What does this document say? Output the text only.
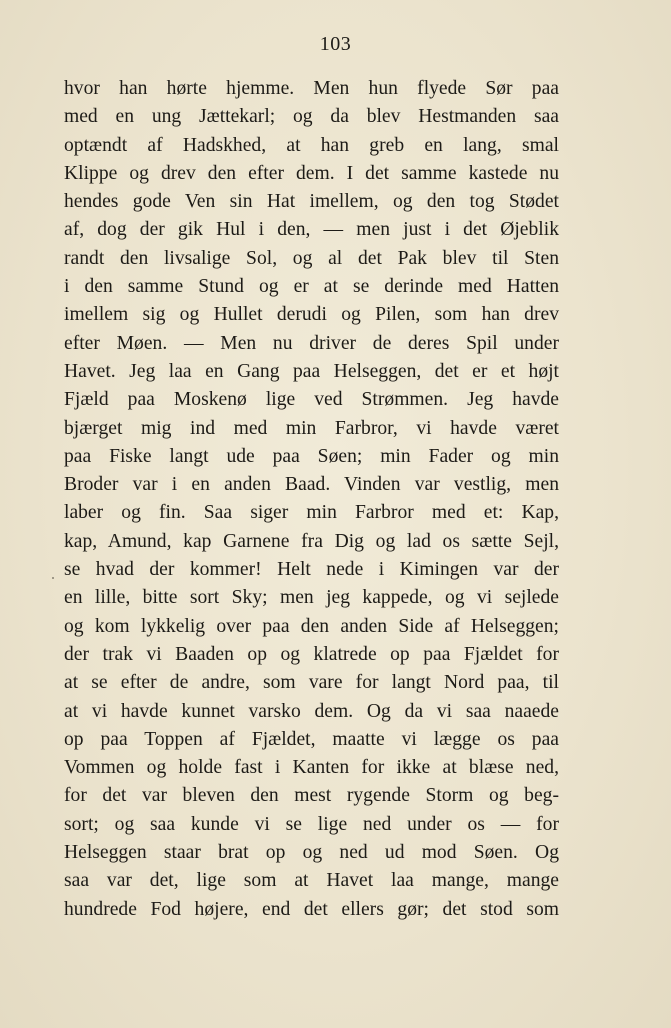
103
hvor han hørte hjemme. Men hun flyede Sør paa
med en ung Jættekarl; og da blev Hestmanden saa
optændt af Hadskhed, at han greb en lang, smal
Klippe og drev den efter dem. I det samme kastede nu
hendes gode Ven sin Hat imellem, og den tog Stødet
af, dog der gik Hul i den, — men just i det Øjeblik
randt den livsalige Sol, og al det Pak blev til Sten
i den samme Stund og er at se derinde med Hatten
imellem sig og Hullet derudi og Pilen, som han drev
efter Møen. — Men nu driver de deres Spil under
Havet. Jeg laa en Gang paa Helseggen, det er et højt
Fjæld paa Moskenø lige ved Strømmen. Jeg havde
bjærget mig ind med min Farbror, vi havde været
paa Fiske langt ude paa Søen; min Fader og min
Broder var i en anden Baad. Vinden var vestlig, men
laber og fin. Saa siger min Farbror med et: Kap,
kap, Amund, kap Garnene fra Dig og lad os sætte Sejl,
se hvad der kommer! Helt nede i Kimingen var der
en lille, bitte sort Sky; men jeg kappede, og vi sejlede
og kom lykkelig over paa den anden Side af Helseggen;
der trak vi Baaden op og klatrede op paa Fjældet for
at se efter de andre, som vare for langt Nord paa, til
at vi havde kunnet varsko dem. Og da vi saa naaede
op paa Toppen af Fjældet, maatte vi lægge os paa
Vommen og holde fast i Kanten for ikke at blæse ned,
for det var bleven den mest rygende Storm og beg-
sort; og saa kunde vi se lige ned under os — for
Helseggen staar brat op og ned ud mod Søen. Og
saa var det, lige som at Havet laa mange, mange
hundrede Fod højere, end det ellers gør; det stod som
